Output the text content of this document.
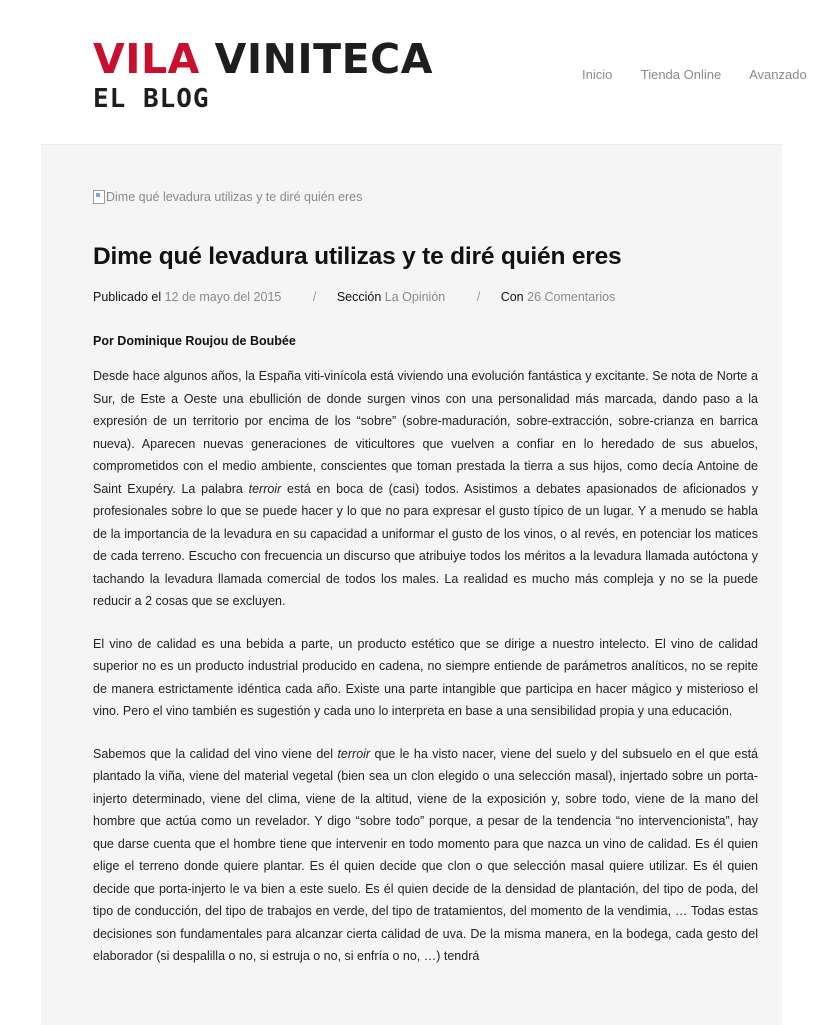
VILA VINITECA
EL BLOG
Inicio Tienda Online Avanzado
Dime qué levadura utilizas y te diré quién eres
Dime qué levadura utilizas y te diré quién eres
Publicado el 12 de mayo del 2015	/ Sección La Opinión	/ Con 26 Comentarios
Por Dominique Roujou de Boubée

Desde hace algunos años, la España viti-vinícola está viviendo una evolución fantástica y excitante. Se nota de Norte a Sur, de Este a Oeste una ebullición de donde surgen vinos con una personalidad más marcada, dando paso a la expresión de un territorio por encima de los “sobre” (sobre-maduración, sobre-extracción, sobre-crianza en barrica nueva). Aparecen nuevas generaciones de viticultores que vuelven a confiar en lo heredado de sus abuelos, comprometidos con el medio ambiente, conscientes que toman prestada la tierra a sus hijos, como decía Antoine de Saint Exupéry. La palabra terroir está en boca de (casi) todos. Asistimos a debates apasionados de aficionados y profesionales sobre lo que se puede hacer y lo que no para expresar el gusto típico de un lugar. Y a menudo se habla de la importancia de la levadura en su capacidad a uniformar el gusto de los vinos, o al revés, en potenciar los matices de cada terreno. Escucho con frecuencia un discurso que atribuiye todos los méritos a la levadura llamada autóctona y tachando la levadura llamada comercial de todos los males. La realidad es mucho más compleja y no se la puede reducir a 2 cosas que se excluyen.

El vino de calidad es una bebida a parte, un producto estético que se dirige a nuestro intelecto. El vino de calidad superior no es un producto industrial producido en cadena, no siempre entiende de parámetros analíticos, no se repite de manera estrictamente idéntica cada año. Existe una parte intangible que participa en hacer mágico y misterioso el vino. Pero el vino también es sugestión y cada uno lo interpreta en base a una sensibilidad propia y una educación.

Sabemos que la calidad del vino viene del terroir que le ha visto nacer, viene del suelo y del subsuelo en el que está plantado la viña, viene del material vegetal (bien sea un clon elegido o una selección masal), injertado sobre un porta-injerto determinado, viene del clima, viene de la altitud, viene de la exposición y, sobre todo, viene de la mano del hombre que actúa como un revelador. Y digo “sobre todo” porque, a pesar de la tendencia “no intervencionista”, hay que darse cuenta que el hombre tiene que intervenir en todo momento para que nazca un vino de calidad. Es él quien elige el terreno donde quiere plantar. Es él quien decide que clon o que selección masal quiere utilizar. Es él quien decide que porta-injerto le va bien a este suelo. Es él quien decide de la densidad de plantación, del tipo de poda, del tipo de conducción, del tipo de trabajos en verde, del tipo de tratamientos, del momento de la vendimia, … Todas estas decisiones son fundamentales para alcanzar cierta calidad de uva. De la misma manera, en la bodega, cada gesto del elaborador (si despalilla o no, si estruja o no, si enfría o no, …) tendrá
